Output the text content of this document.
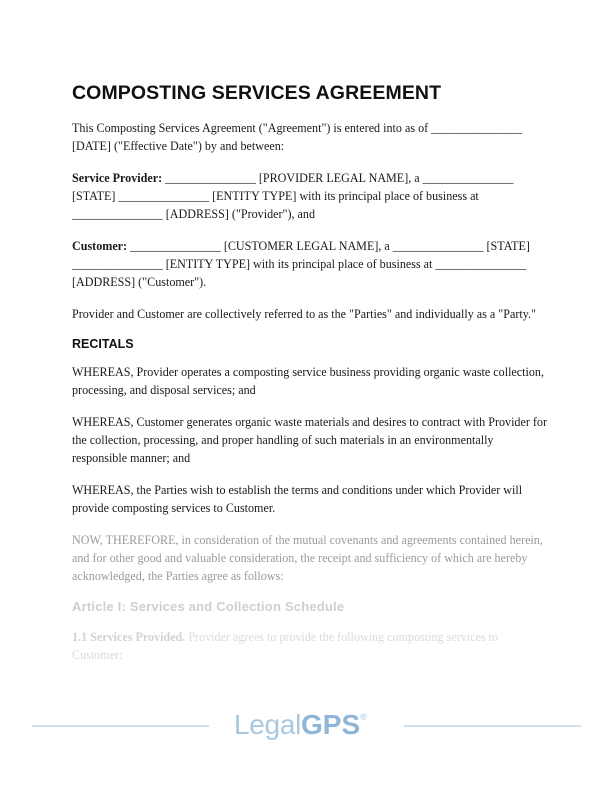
COMPOSTING SERVICES AGREEMENT

This Composting Services Agreement ("Agreement") is entered into as of _______________ [DATE] ("Effective Date") by and between:

Service Provider: _______________ [PROVIDER LEGAL NAME], a _______________ [STATE] _______________ [ENTITY TYPE] with its principal place of business at _______________ [ADDRESS] ("Provider"), and

Customer: _______________ [CUSTOMER LEGAL NAME], a _______________ [STATE] _______________ [ENTITY TYPE] with its principal place of business at _______________ [ADDRESS] ("Customer").

Provider and Customer are collectively referred to as the "Parties" and individually as a "Party."

RECITALS

WHEREAS, Provider operates a composting service business providing organic waste collection, processing, and disposal services; and

WHEREAS, Customer generates organic waste materials and desires to contract with Provider for the collection, processing, and proper handling of such materials in an environmentally responsible manner; and

WHEREAS, the Parties wish to establish the terms and conditions under which Provider will provide composting services to Customer.

NOW, THEREFORE, in consideration of the mutual covenants and agreements contained herein, and for other good and valuable consideration, the receipt and sufficiency of which are hereby acknowledged, the Parties agree as follows:

Article I: Services and Collection Schedule

1.1 Services Provided. Provider agrees to provide the following composting services to Customer:

LegalGPS®
